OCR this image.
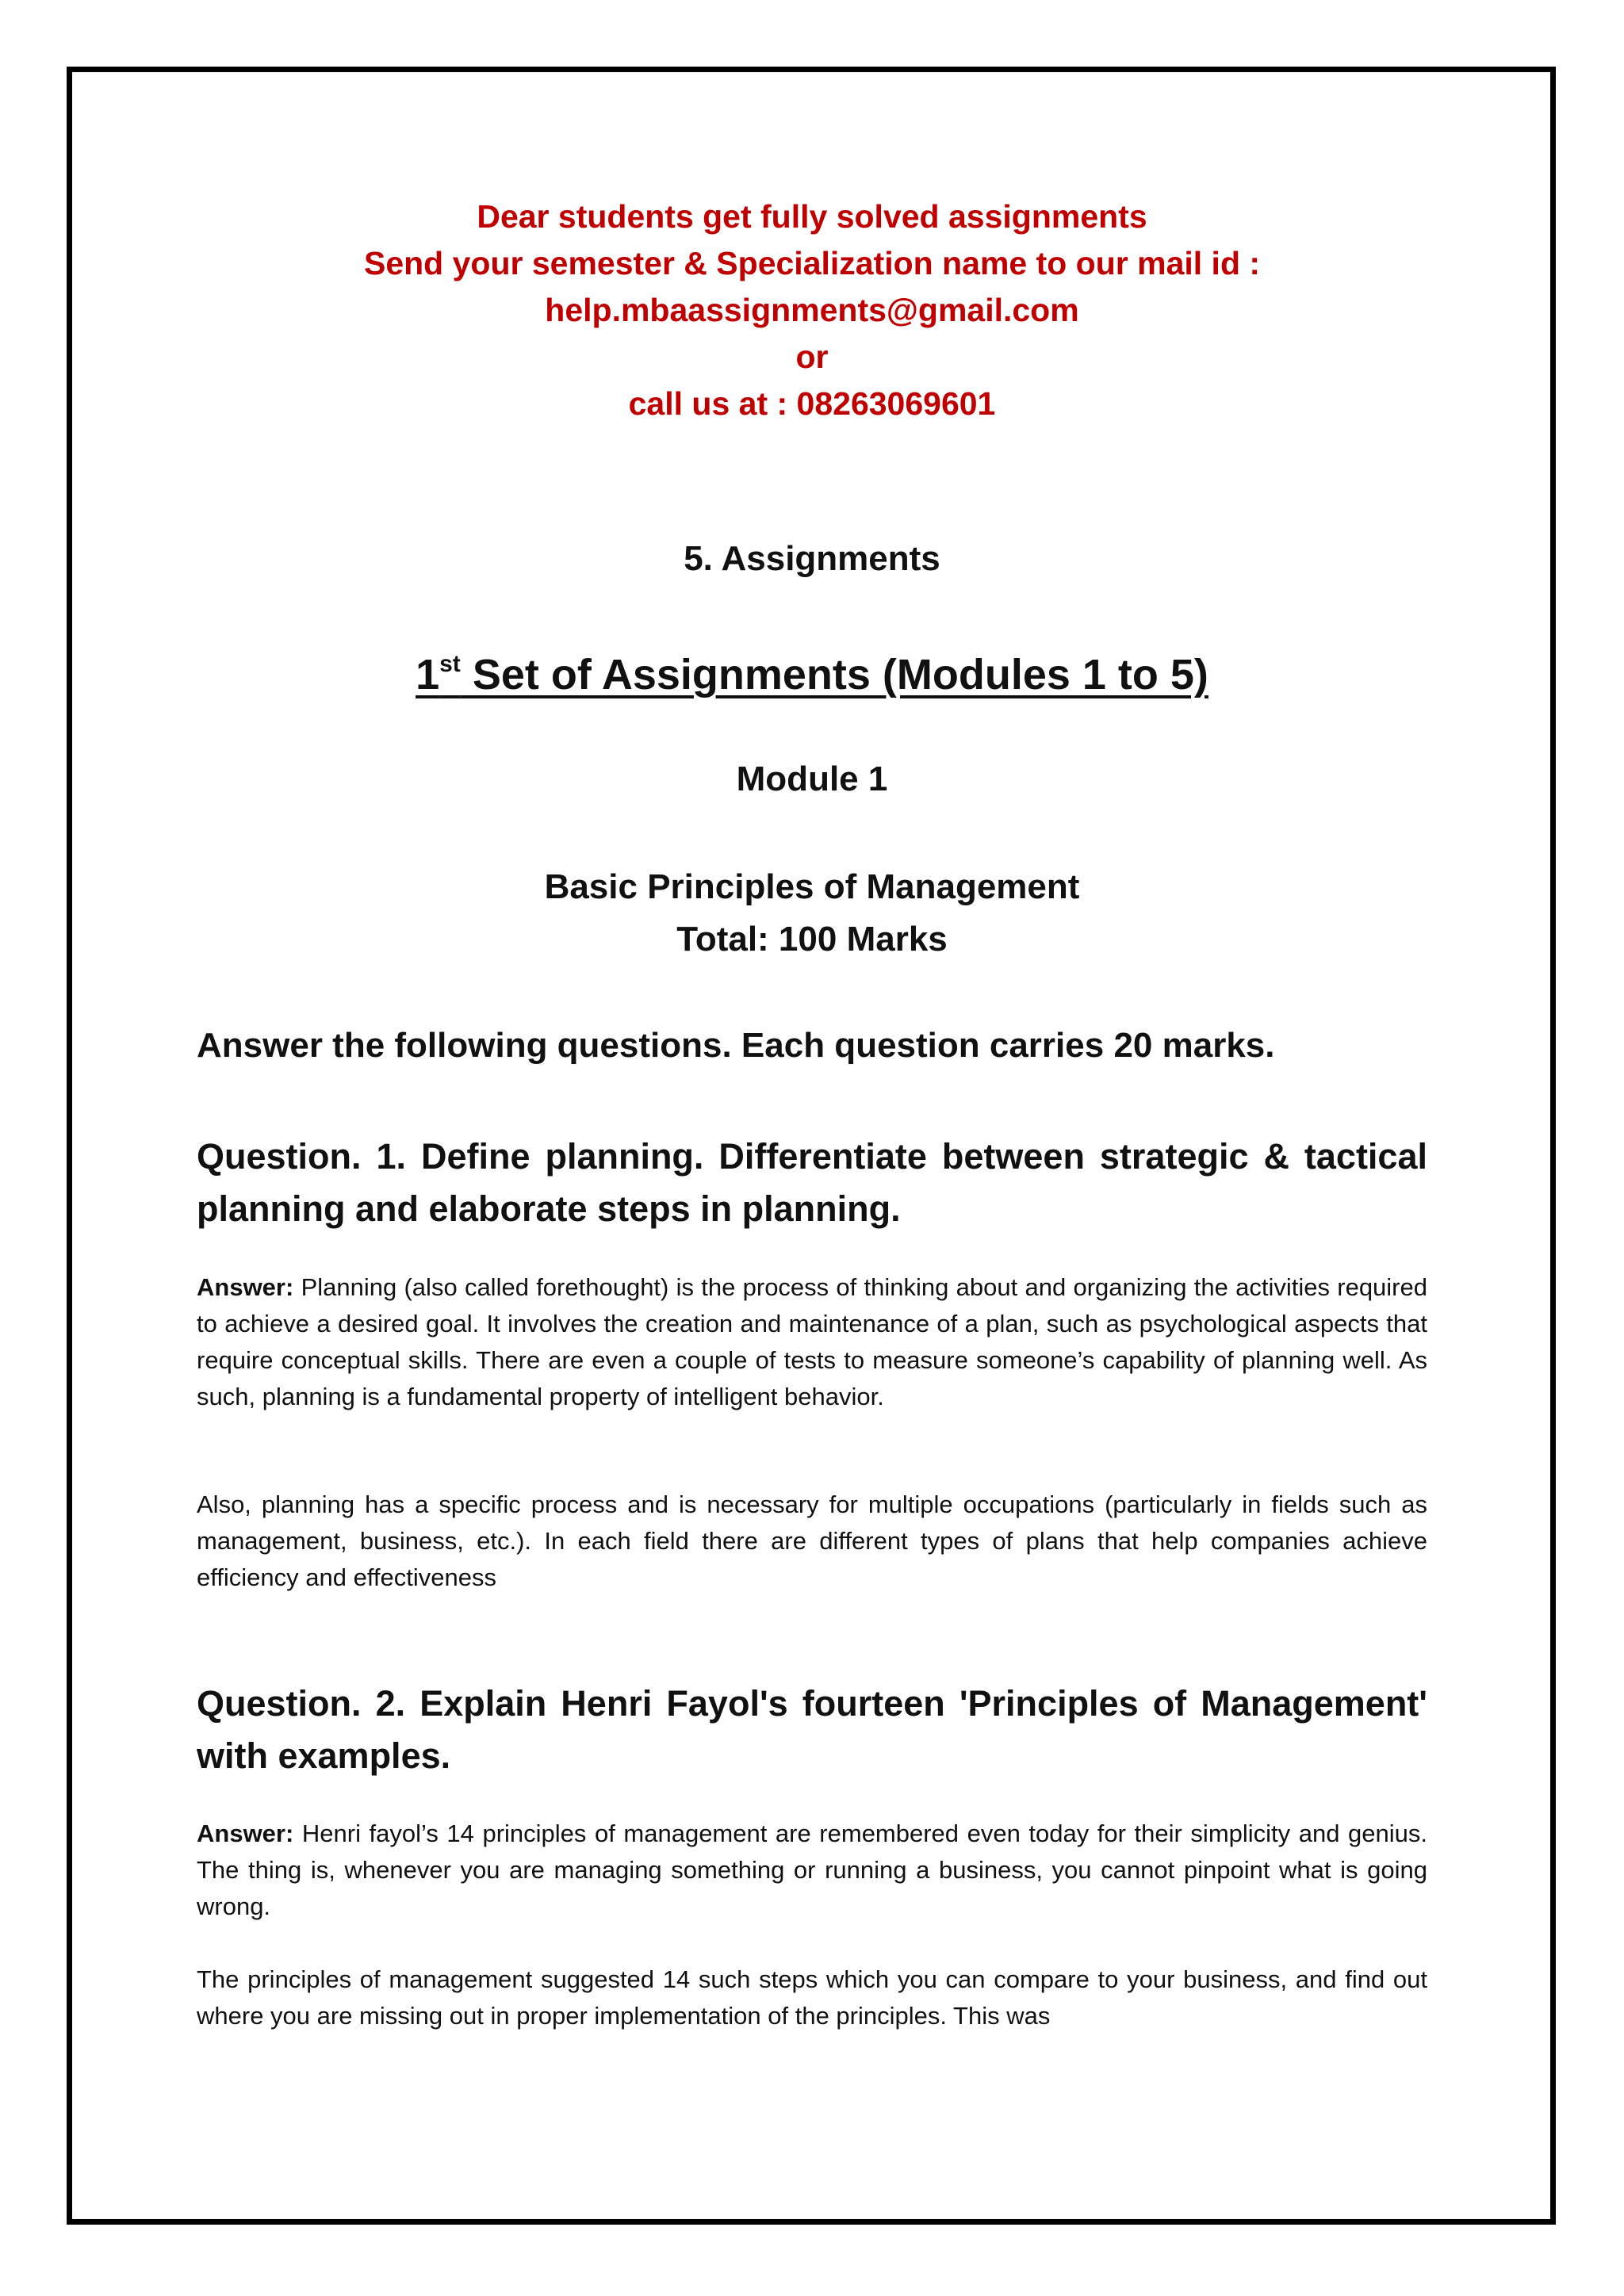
Dear students get fully solved assignments
Send your semester & Specialization name to our mail id :
help.mbaassignments@gmail.com
or
call us at : 08263069601
5. Assignments
1st Set of Assignments (Modules 1 to 5)
Module 1
Basic Principles of Management
Total: 100 Marks
Answer the following questions. Each question carries 20 marks.
Question. 1. Define planning. Differentiate between strategic & tactical planning and elaborate steps in planning.

Answer: Planning (also called forethought) is the process of thinking about and organizing the activities required to achieve a desired goal. It involves the creation and maintenance of a plan, such as psychological aspects that require conceptual skills. There are even a couple of tests to measure someone’s capability of planning well. As such, planning is a fundamental property of intelligent behavior.

Also, planning has a specific process and is necessary for multiple occupations (particularly in fields such as management, business, etc.). In each field there are different types of plans that help companies achieve efficiency and effectiveness

Question. 2. Explain Henri Fayol's fourteen 'Principles of Management' with examples.

Answer: Henri fayol’s 14 principles of management are remembered even today for their simplicity and genius. The thing is, whenever you are managing something or running a business, you cannot pinpoint what is going wrong.

The principles of management suggested 14 such steps which you can compare to your business, and find out where you are missing out in proper implementation of the principles. This was
